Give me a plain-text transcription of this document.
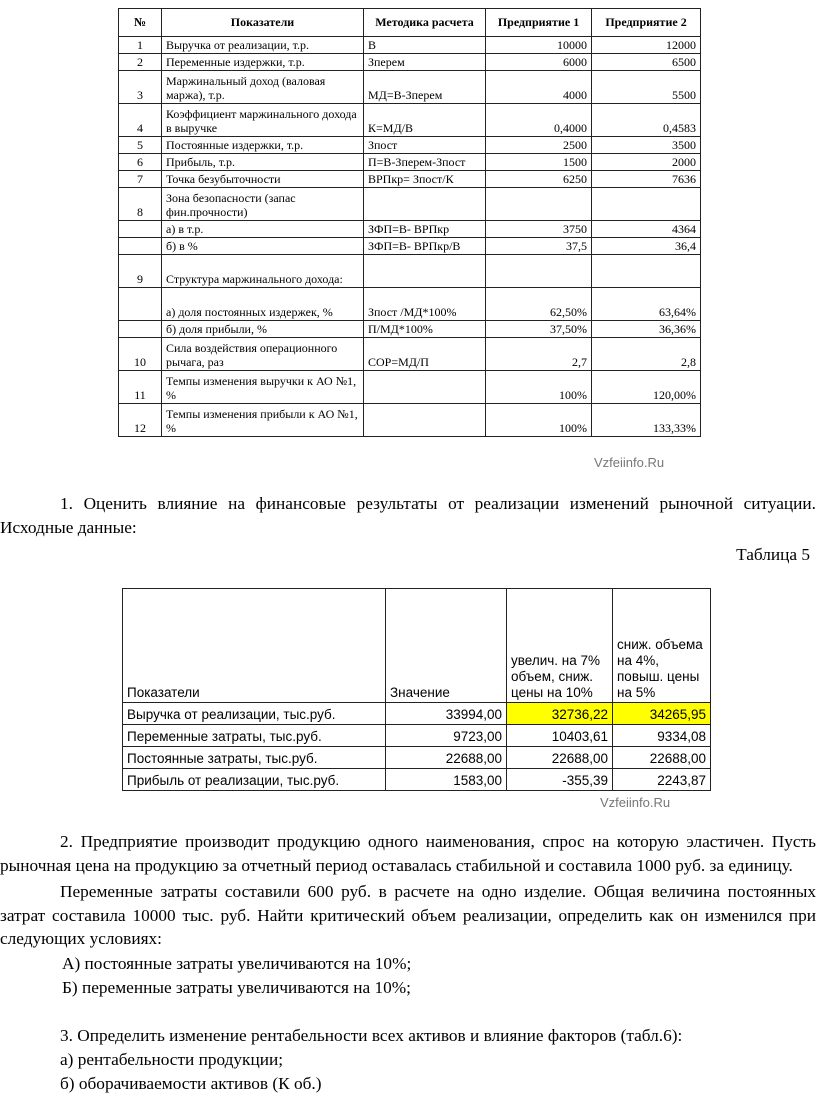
№	Показатели	Методика расчета	Предприятие 1	Предприятие 2
1	Выручка от реализации, т.р.	В	10000	12000
2	Переменные издержки, т.р.	Зперем	6000	6500
3	Маржинальный доход (валовая маржа), т.р.	МД=В-Зперем	4000	5500
4	Коэффициент маржинального дохода в выручке	К=МД/В	0,4000	0,4583
5	Постоянные издержки, т.р.	Зпост	2500	3500
6	Прибыль, т.р.	П=В-Зперем-Зпост	1500	2000
7	Точка безубыточности	ВРПкр= Зпост/К	6250	7636
8	Зона безопасности (запас фин.прочности)			
	а) в т.р.	ЗФП=В- ВРПкр	3750	4364
	б) в %	ЗФП=В- ВРПкр/В	37,5	36,4
9	Структура маржинального дохода:			
	а) доля постоянных издержек, %	Зпост /МД*100%	62,50%	63,64%
	б) доля прибыли, %	П/МД*100%	37,50%	36,36%
10	Сила воздействия операционного рычага, раз	СОР=МД/П	2,7	2,8
11	Темпы изменения выручки к АО №1, %		100%	120,00%
12	Темпы изменения прибыли к АО №1, %		100%	133,33%
Vzfeiinfo.Ru
1. Оценить влияние на финансовые результаты от реализации изменений рыночной ситуации. Исходные данные:
Таблица 5
Показатели	Значение	увелич. на 7% объем, сниж. цены на 10%	сниж. объема на 4%, повыш. цены на 5%
Выручка от реализации, тыс.руб.	33994,00	32736,22	34265,95
Переменные затраты, тыс.руб.	9723,00	10403,61	9334,08
Постоянные затраты, тыс.руб.	22688,00	22688,00	22688,00
Прибыль от реализации, тыс.руб.	1583,00	-355,39	2243,87
Vzfeiinfo.Ru
2. Предприятие производит продукцию одного наименования, спрос на которую эластичен. Пусть рыночная цена на продукцию за отчетный период оставалась стабильной и составила 1000 руб. за единицу.
Переменные затраты составили 600 руб. в расчете на одно изделие. Общая величина постоянных затрат составила 10000 тыс. руб. Найти критический объем реализации, определить как он изменился при следующих условиях:
А) постоянные затраты увеличиваются на 10%;
Б) переменные затраты увеличиваются на 10%;
3. Определить изменение рентабельности всех активов и влияние факторов (табл.6):
а) рентабельности продукции;
б) оборачиваемости активов (К об.)
